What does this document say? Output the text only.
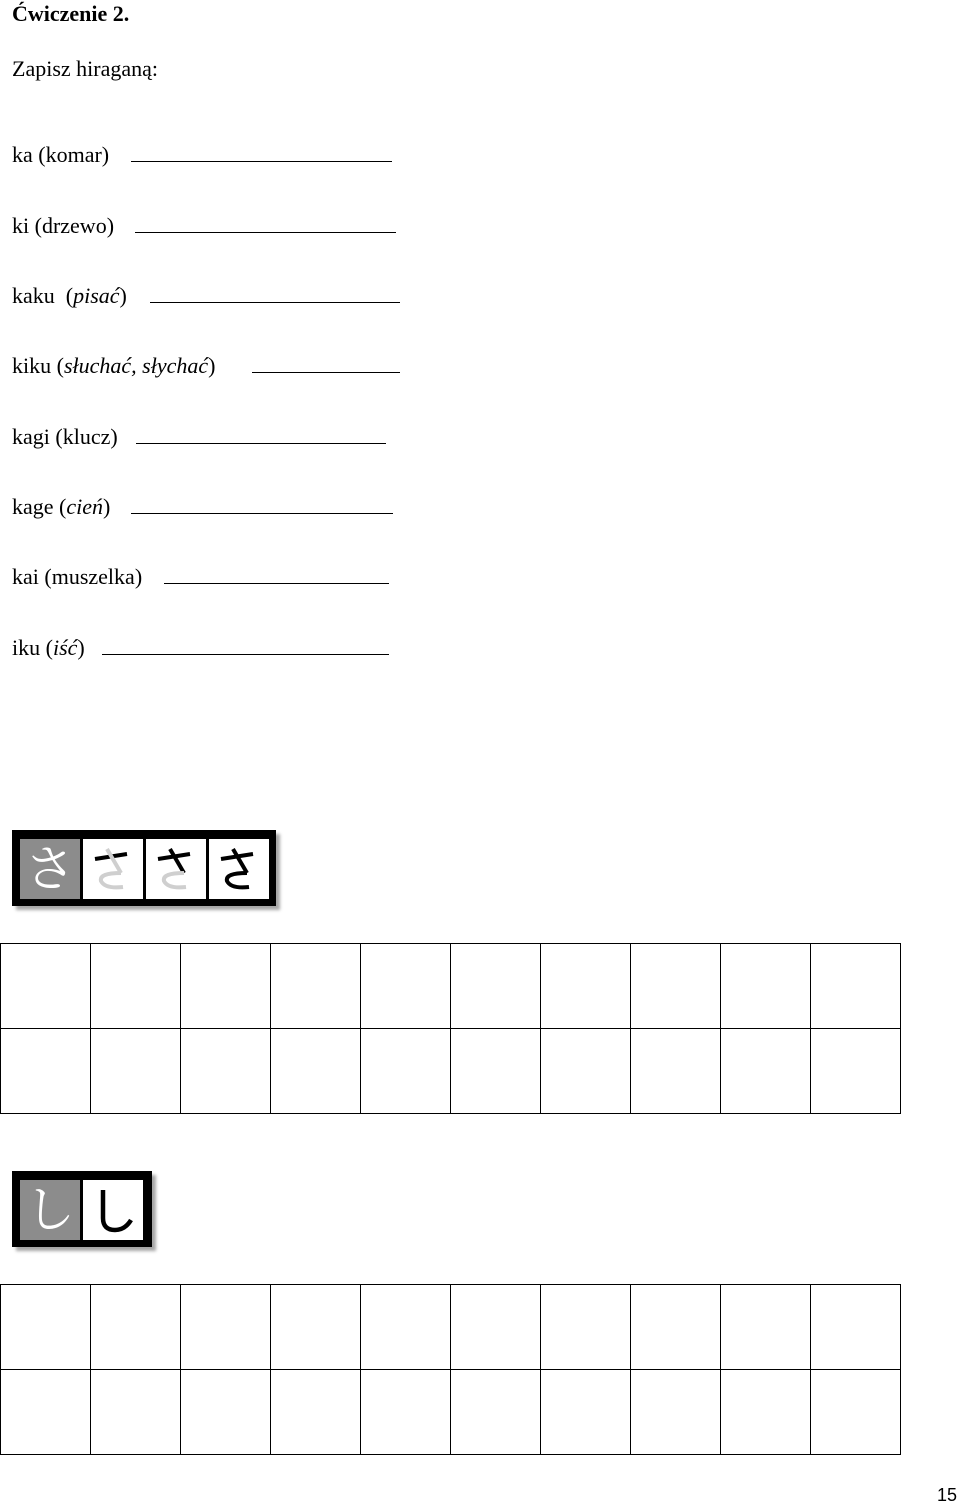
Ćwiczenie 2.
Zapisz hiraganą:
ka (komar)
ki (drzewo)
kaku  (pisać)
kiku (słuchać, słychać)
kagi (klucz)
kage (cień)
kai (muszelka)
iku (iść)
さ

し

15
